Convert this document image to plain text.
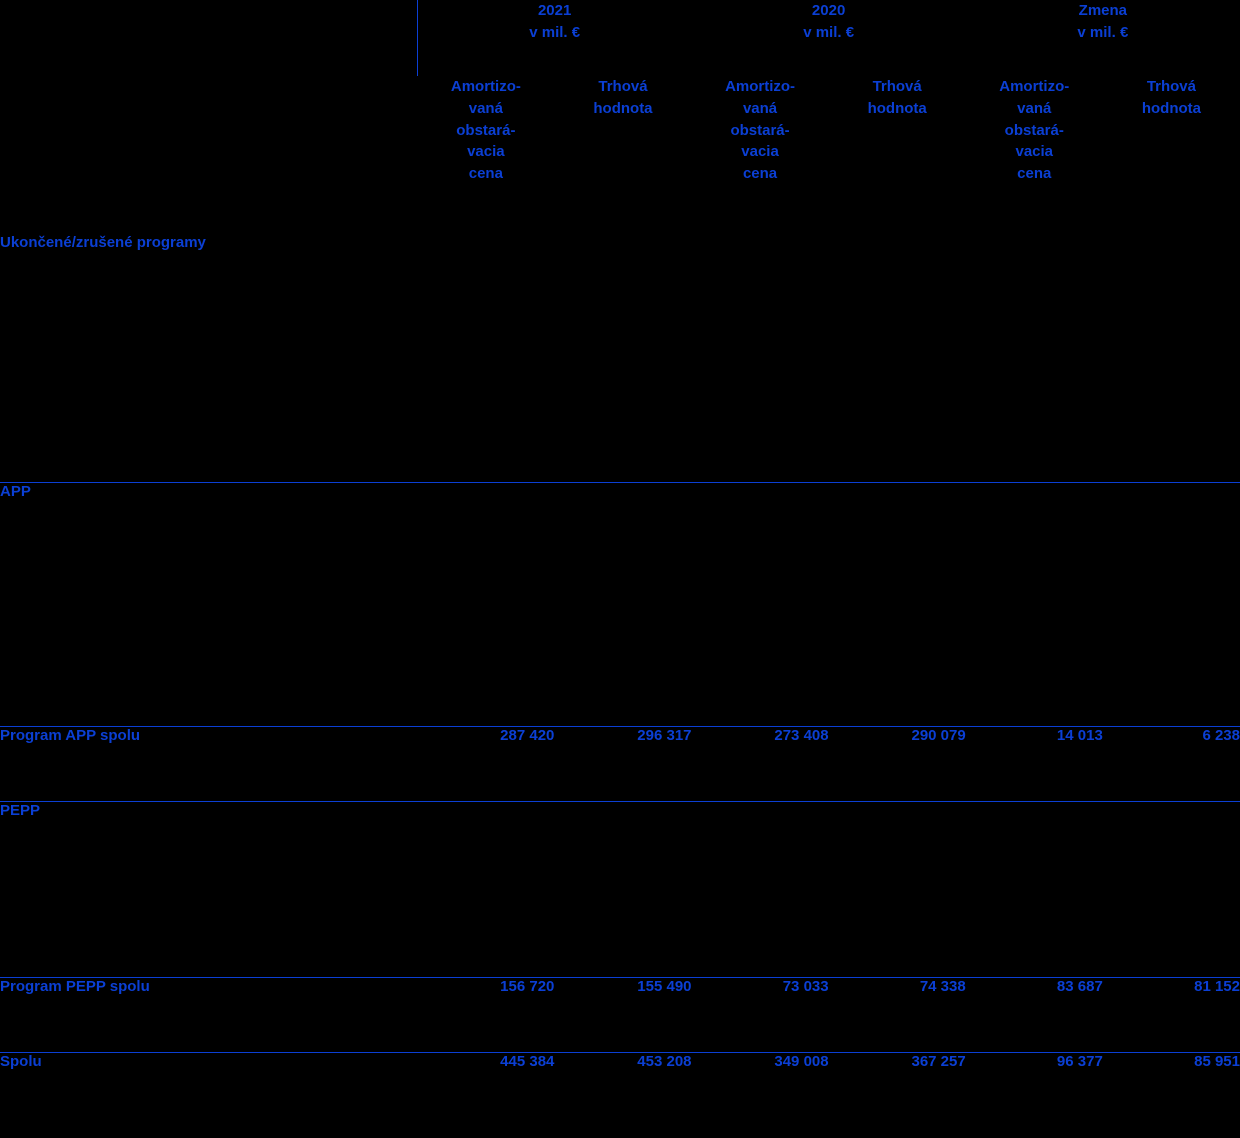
	2021
v mil. €		2020
v mil. €		Zmena
v mil. €	

	Amortizo-
vaná
obstará-
vacia
cena	Trhová
hodnota	Amortizo-
vaná
obstará-
vacia
cena	Trhová
hodnota	Amortizo-
vaná
obstará-
vacia
cena	Trhová
hodnota

Ukončené/zrušené programy						
APP						
Program APP spolu	287 420	296 317	273 408	290 079	14 013	6 238
PEPP						
Program PEPP spolu	156 720	155 490	73 033	74 338	83 687	81 152
Spolu	445 384	453 208	349 008	367 257	96 377	85 951
